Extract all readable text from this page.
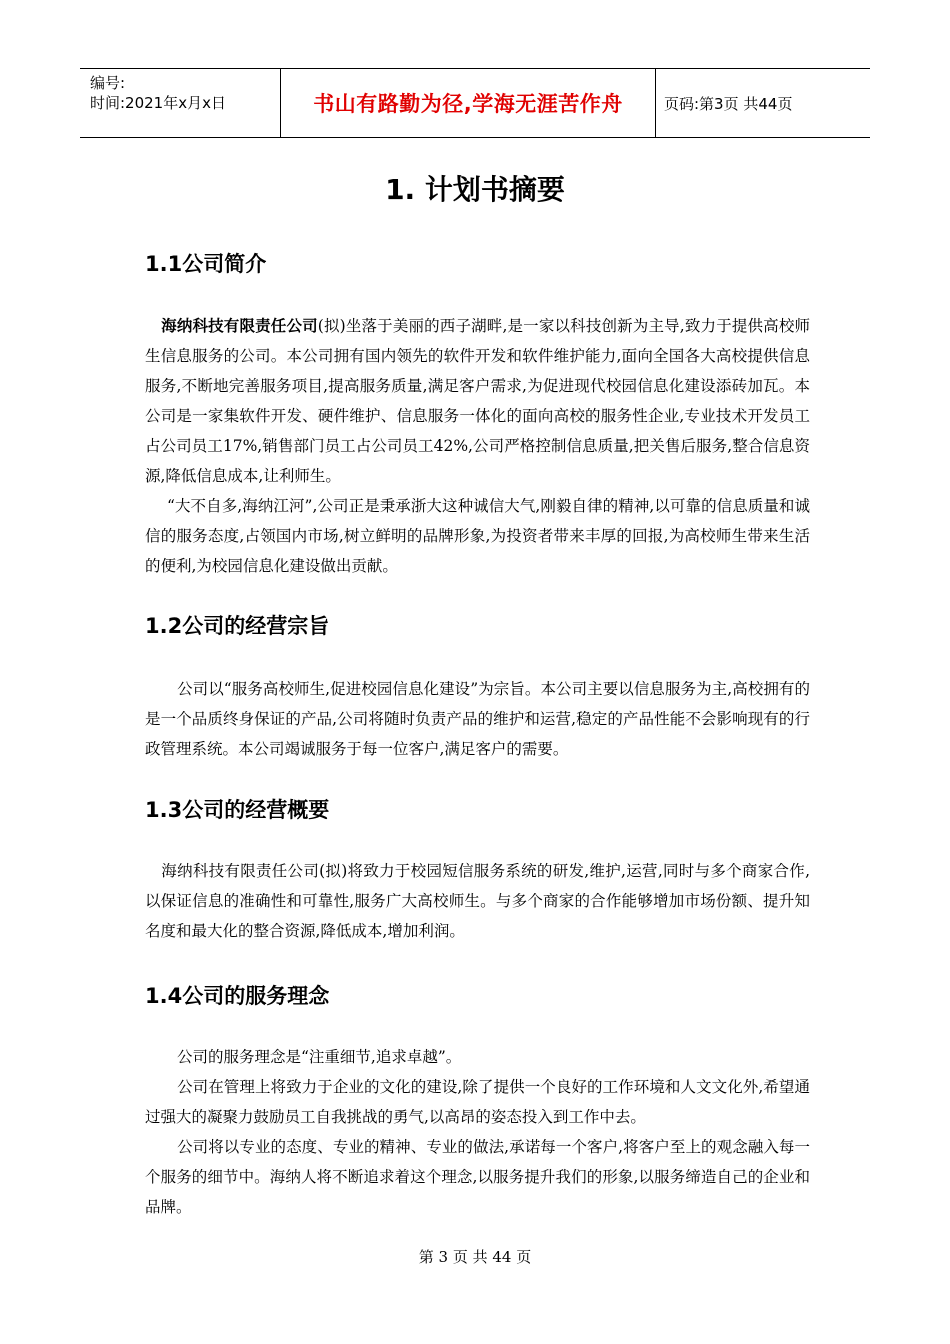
编号:
时间:2021年x月x日	书山有路勤为径,学海无涯苦作舟	页码:第3页 共44页
1. 计划书摘要
1.1公司简介

海纳科技有限责任公司(拟)坐落于美丽的西子湖畔,是一家以科技创新为主导,致力于提供高校师生信息服务的公司。本公司拥有国内领先的软件开发和软件维护能力,面向全国各大高校提供信息服务,不断地完善服务项目,提高服务质量,满足客户需求,为促进现代校园信息化建设添砖加瓦。本公司是一家集软件开发、硬件维护、信息服务一体化的面向高校的服务性企业,专业技术开发员工占公司员工17%,销售部门员工占公司员工42%,公司严格控制信息质量,把关售后服务,整合信息资源,降低信息成本,让利师生。

“大不自多,海纳江河”,公司正是秉承浙大这种诚信大气,刚毅自律的精神,以可靠的信息质量和诚信的服务态度,占领国内市场,树立鲜明的品牌形象,为投资者带来丰厚的回报,为高校师生带来生活的便利,为校园信息化建设做出贡献。

1.2公司的经营宗旨

公司以“服务高校师生,促进校园信息化建设”为宗旨。本公司主要以信息服务为主,高校拥有的是一个品质终身保证的产品,公司将随时负责产品的维护和运营,稳定的产品性能不会影响现有的行政管理系统。本公司竭诚服务于每一位客户,满足客户的需要。

1.3公司的经营概要

海纳科技有限责任公司(拟)将致力于校园短信服务系统的研发,维护,运营,同时与多个商家合作,以保证信息的准确性和可靠性,服务广大高校师生。与多个商家的合作能够增加市场份额、提升知名度和最大化的整合资源,降低成本,增加利润。

1.4公司的服务理念

公司的服务理念是“注重细节,追求卓越”。

公司在管理上将致力于企业的文化的建设,除了提供一个良好的工作环境和人文文化外,希望通过强大的凝聚力鼓励员工自我挑战的勇气,以高昂的姿态投入到工作中去。

公司将以专业的态度、专业的精神、专业的做法,承诺每一个客户,将客户至上的观念融入每一个服务的细节中。海纳人将不断追求着这个理念,以服务提升我们的形象,以服务缔造自己的企业和品牌。

第 3 页 共 44 页
